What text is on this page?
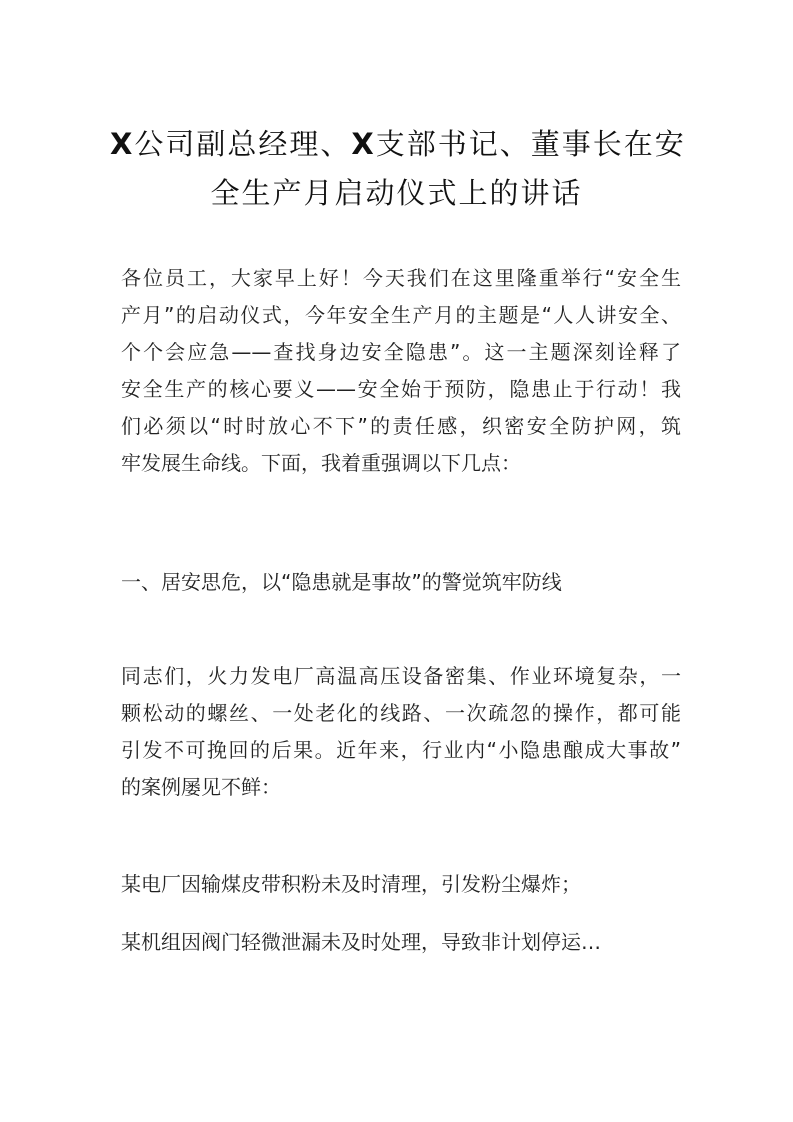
X公司副总经理、X支部书记、董事长在安
全生产月启动仪式上的讲话
各位员工，大家早上好！今天我们在这里隆重举行“安全生
产月”的启动仪式，今年安全生产月的主题是“人人讲安全、
个个会应急——查找身边安全隐患”。这一主题深刻诠释了
安全生产的核心要义——安全始于预防，隐患止于行动！我
们必须以“时时放心不下”的责任感，织密安全防护网，筑
牢发展生命线。下面，我着重强调以下几点：
一、居安思危，以“隐患就是事故”的警觉筑牢防线
同志们，火力发电厂高温高压设备密集、作业环境复杂，一
颗松动的螺丝、一处老化的线路、一次疏忽的操作，都可能
引发不可挽回的后果。近年来，行业内“小隐患酿成大事故”
的案例屡见不鲜：
某电厂因输煤皮带积粉未及时清理，引发粉尘爆炸；
某机组因阀门轻微泄漏未及时处理，导致非计划停运…
